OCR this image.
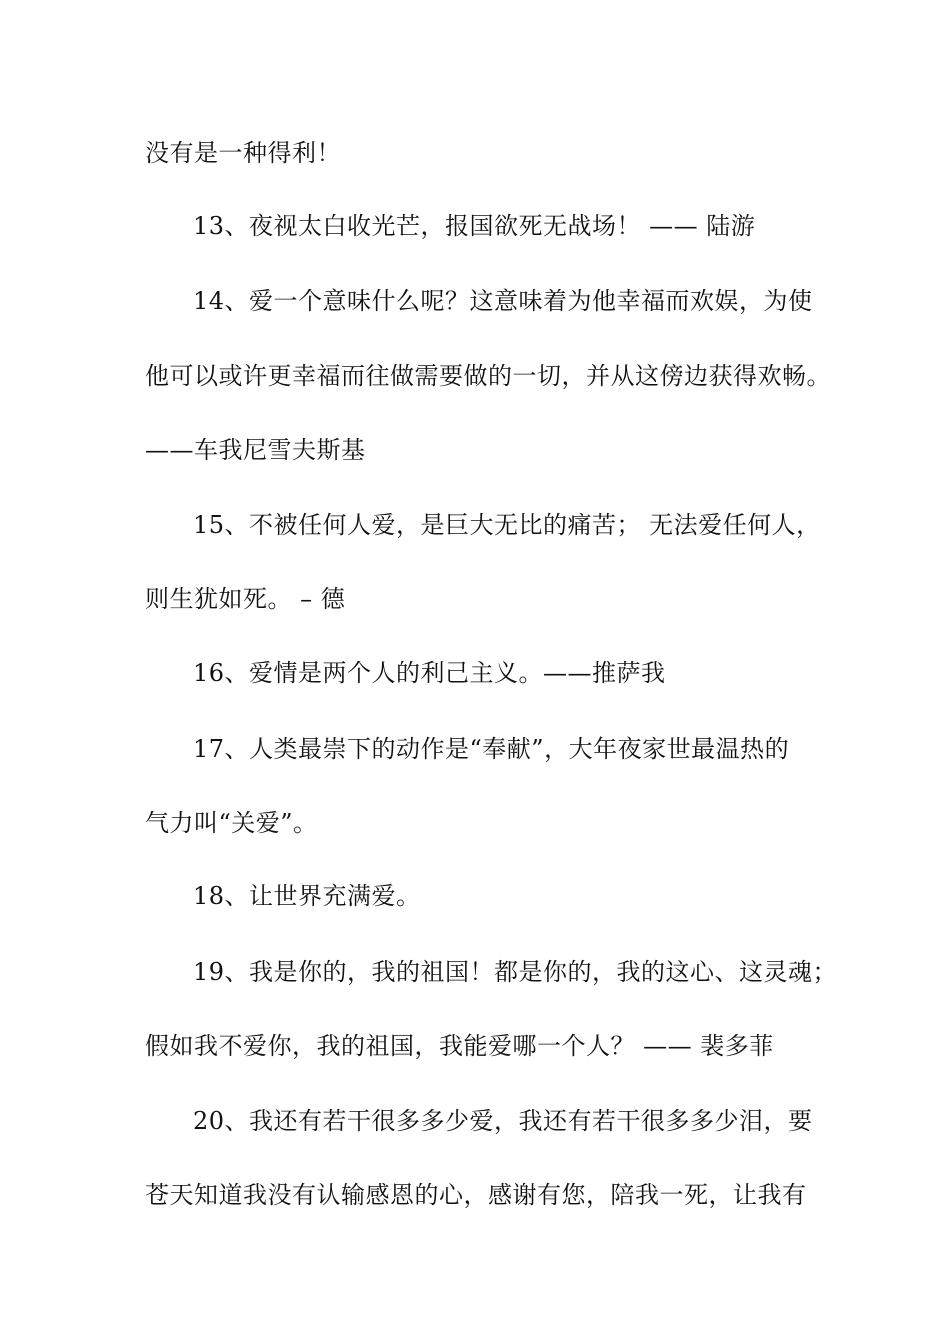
没有是一种得利！
13、夜视太白收光芒，报国欲死无战场！ —— 陆游
14、爱一个意味什么呢？这意味着为他幸福而欢娱，为使
他可以或许更幸福而往做需要做的一切，并从这傍边获得欢畅。
——车我尼雪夫斯基
15、不被任何人爱，是巨大无比的痛苦； 无法爱任何人，
则生犹如死。 – 德
16、爱情是两个人的利己主义。——推萨我
17、人类最崇下的动作是“奉献”，大年夜家世最温热的
气力叫“关爱”。
18、让世界充满爱。
19、我是你的，我的祖国！都是你的，我的这心、这灵魂；
假如我不爱你，我的祖国，我能爱哪一个人？ —— 裴多菲
20、我还有若干很多多少爱，我还有若干很多多少泪，要
苍天知道我没有认输感恩的心，感谢有您，陪我一死，让我有
